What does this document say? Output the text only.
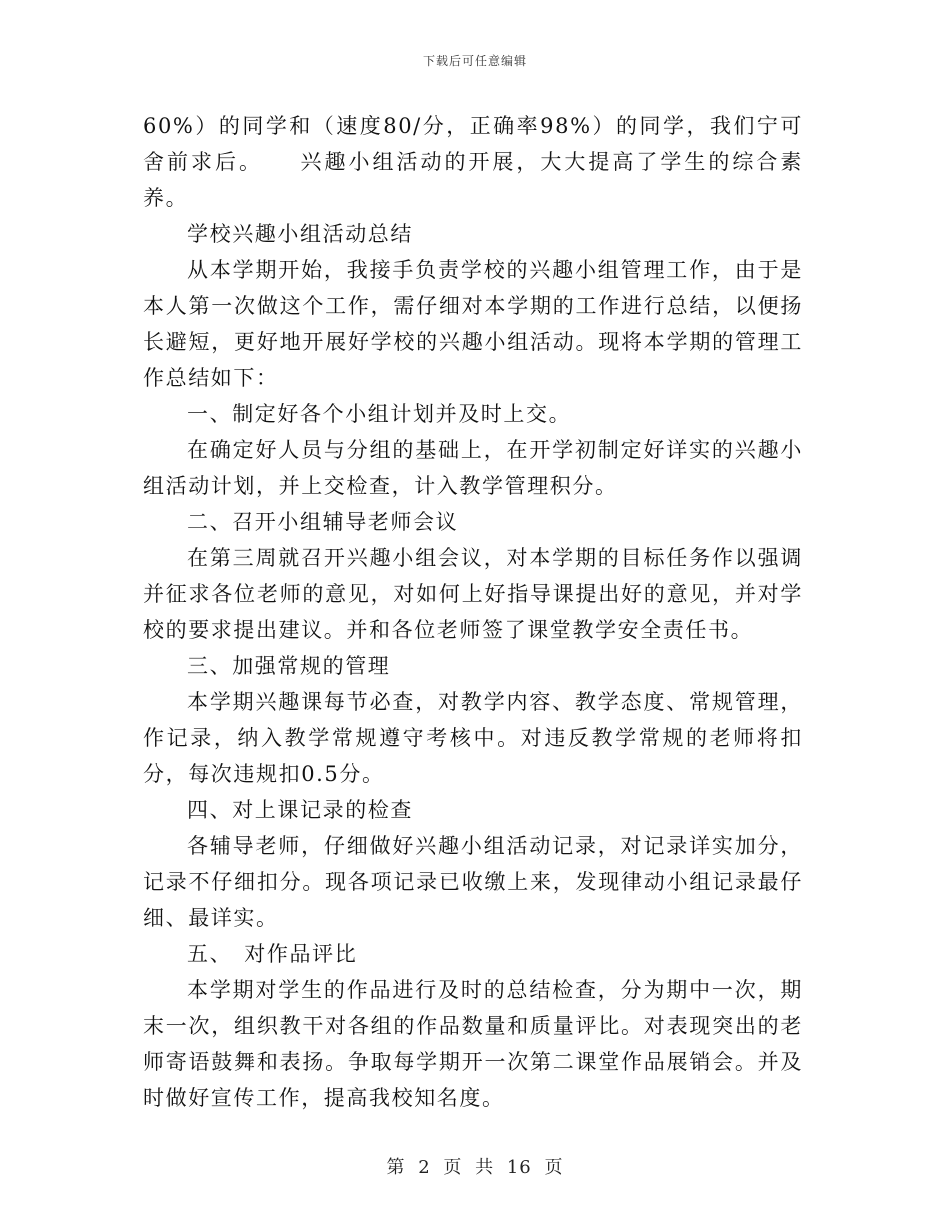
下载后可任意编辑

60%）的同学和（速度80/分，正确率98%）的同学，我们宁可舍前求后。　　兴趣小组活动的开展，大大提高了学生的综合素养。

学校兴趣小组活动总结

从本学期开始，我接手负责学校的兴趣小组管理工作，由于是本人第一次做这个工作，需仔细对本学期的工作进行总结，以便扬长避短，更好地开展好学校的兴趣小组活动。现将本学期的管理工作总结如下：

一、制定好各个小组计划并及时上交。

在确定好人员与分组的基础上，在开学初制定好详实的兴趣小组活动计划，并上交检查，计入教学管理积分。

二、召开小组辅导老师会议

在第三周就召开兴趣小组会议，对本学期的目标任务作以强调并征求各位老师的意见，对如何上好指导课提出好的意见，并对学校的要求提出建议。并和各位老师签了课堂教学安全责任书。

三、加强常规的管理

本学期兴趣课每节必查，对教学内容、教学态度、常规管理，作记录，纳入教学常规遵守考核中。对违反教学常规的老师将扣分，每次违规扣0.5分。

四、对上课记录的检查

各辅导老师，仔细做好兴趣小组活动记录，对记录详实加分，记录不仔细扣分。现各项记录已收缴上来，发现律动小组记录最仔细、最详实。

五、　对作品评比

本学期对学生的作品进行及时的总结检查，分为期中一次，期末一次，组织教干对各组的作品数量和质量评比。对表现突出的老师寄语鼓舞和表扬。争取每学期开一次第二课堂作品展销会。并及时做好宣传工作，提高我校知名度。

第 2 页 共 16 页
